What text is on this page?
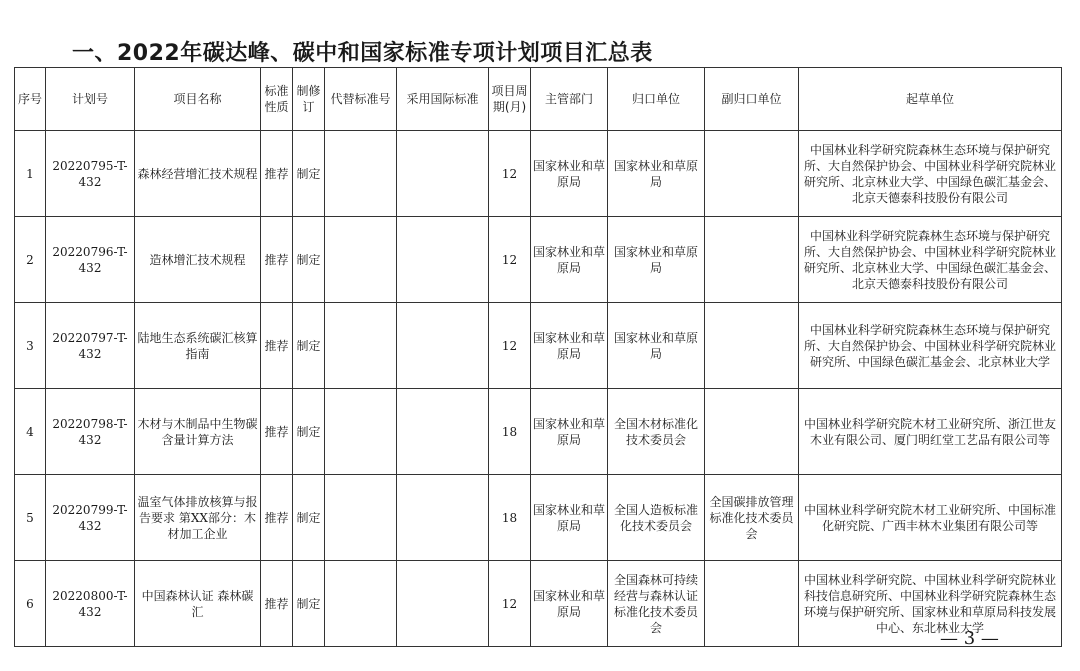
一、2022年碳达峰、碳中和国家标准专项计划项目汇总表
序号	计划号	项目名称	标准性质	制修订	代替标准号	采用国际标准	项目周期(月)	主管部门	归口单位	副归口单位	起草单位
1	20220795-T-432	森林经营增汇技术规程	推荐	制定			12	国家林业和草原局	国家林业和草原局		中国林业科学研究院森林生态环境与保护研究所、大自然保护协会、中国林业科学研究院林业研究所、北京林业大学、中国绿色碳汇基金会、北京天德泰科技股份有限公司
2	20220796-T-432	造林增汇技术规程	推荐	制定			12	国家林业和草原局	国家林业和草原局		中国林业科学研究院森林生态环境与保护研究所、大自然保护协会、中国林业科学研究院林业研究所、北京林业大学、中国绿色碳汇基金会、北京天德泰科技股份有限公司
3	20220797-T-432	陆地生态系统碳汇核算指南	推荐	制定			12	国家林业和草原局	国家林业和草原局		中国林业科学研究院森林生态环境与保护研究所、大自然保护协会、中国林业科学研究院林业研究所、中国绿色碳汇基金会、北京林业大学
4	20220798-T-432	木材与木制品中生物碳含量计算方法	推荐	制定			18	国家林业和草原局	全国木材标准化技术委员会		中国林业科学研究院木材工业研究所、浙江世友木业有限公司、厦门明红堂工艺品有限公司等
5	20220799-T-432	温室气体排放核算与报告要求 第XX部分：木材加工企业	推荐	制定			18	国家林业和草原局	全国人造板标准化技术委员会	全国碳排放管理标准化技术委员会	中国林业科学研究院木材工业研究所、中国标准化研究院、广西丰林木业集团有限公司等
6	20220800-T-432	中国森林认证 森林碳汇	推荐	制定			12	国家林业和草原局	全国森林可持续经营与森林认证标准化技术委员会		中国林业科学研究院、中国林业科学研究院林业科技信息研究所、中国林业科学研究院森林生态环境与保护研究所、国家林业和草原局科技发展中心、东北林业大学
— 3 —
